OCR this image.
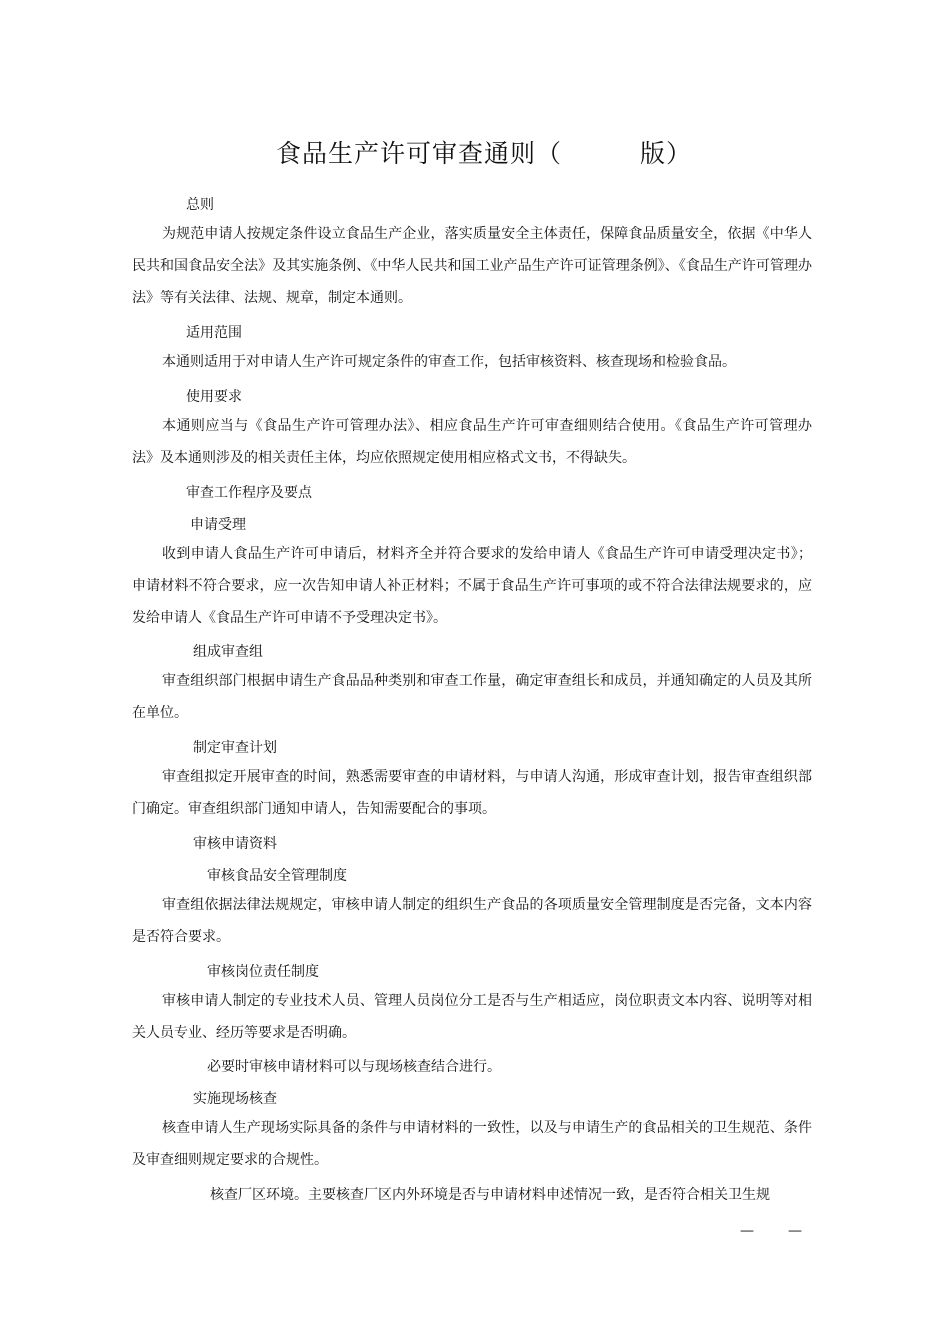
食品生产许可审查通则（　　　版）
总则

为规范申请人按规定条件设立食品生产企业，落实质量安全主体责任，保障食品质量安全，依据《中华人民共和国食品安全法》及其实施条例、《中华人民共和国工业产品生产许可证管理条例》、《食品生产许可管理办法》等有关法律、法规、规章，制定本通则。

适用范围

本通则适用于对申请人生产许可规定条件的审查工作，包括审核资料、核查现场和检验食品。

使用要求

本通则应当与《食品生产许可管理办法》、相应食品生产许可审查细则结合使用。《食品生产许可管理办法》及本通则涉及的相关责任主体，均应依照规定使用相应格式文书，不得缺失。

审查工作程序及要点
申请受理

收到申请人食品生产许可申请后，材料齐全并符合要求的发给申请人《食品生产许可申请受理决定书》；申请材料不符合要求，应一次告知申请人补正材料；不属于食品生产许可事项的或不符合法律法规要求的，应发给申请人《食品生产许可申请不予受理决定书》。

组成审查组

审查组织部门根据申请生产食品品种类别和审查工作量，确定审查组长和成员，并通知确定的人员及其所在单位。

制定审查计划

审查组拟定开展审查的时间，熟悉需要审查的申请材料，与申请人沟通，形成审查计划，报告审查组织部门确定。审查组织部门通知申请人，告知需要配合的事项。

审核申请资料
审核食品安全管理制度

审查组依据法律法规规定，审核申请人制定的组织生产食品的各项质量安全管理制度是否完备，文本内容是否符合要求。

审核岗位责任制度

审核申请人制定的专业技术人员、管理人员岗位分工是否与生产相适应，岗位职责文本内容、说明等对相关人员专业、经历等要求是否明确。

必要时审核申请材料可以与现场核查结合进行。
实施现场核查

核查申请人生产现场实际具备的条件与申请材料的一致性，以及与申请生产的食品相关的卫生规范、条件及审查细则规定要求的合规性。

核查厂区环境。主要核查厂区内外环境是否与申请材料申述情况一致，是否符合相关卫生规
—　　—
